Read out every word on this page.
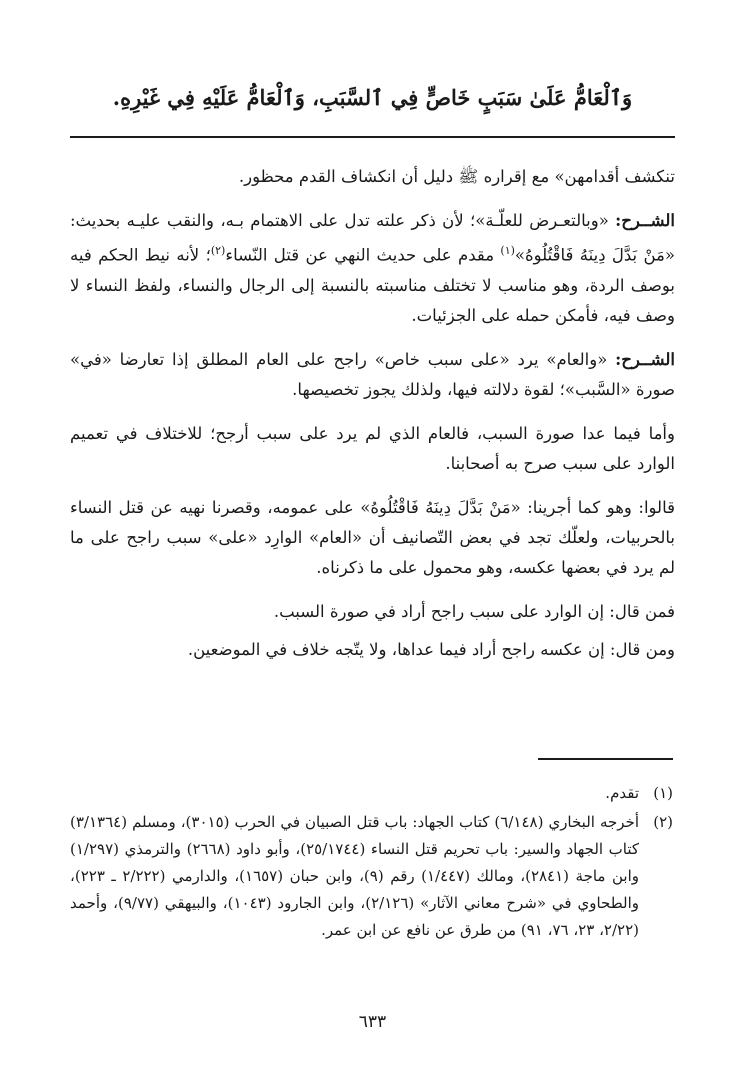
وَٱلْعَامُّ عَلَىٰ سَبَبٍ خَاصٍّ فِي ٱلسَّبَبِ، وَٱلْعَامُّ عَلَيْهِ فِي غَيْرِهِ.

تنكشف أقدامهن» مع إقراره ﷺ دليل أن انكشاف القدم محظور.

الشــرح: «وبالتعـرض للعلّـة»؛ لأن ذكر علته تدل على الاهتمام بـه، والنقب عليـه بحديث: «مَنْ بَدَّلَ دِينَهُ فَاقْتُلُوهُ»$^{(١)}$ مقدم على حديث النهي عن قتل النّساء$^{(٢)}$؛ لأنه نيط الحكم فيه بوصف الردة، وهو مناسب لا تختلف مناسبته بالنسبة إلى الرجال والنساء، ولفظ النساء لا وصف فيه، فأمكن حمله على الجزئيات.

الشــرح: «والعام» يرد «على سبب خاص» راجح على العام المطلق إذا تعارضا «في» صورة «السَّبب»؛ لقوة دلالته فيها، ولذلك يجوز تخصيصها.

وأما فيما عدا صورة السبب، فالعام الذي لم يرد على سبب أرجح؛ للاختلاف في تعميم الوارد على سبب صرح به أصحابنا.

قالوا: وهو كما أجرينا: «مَنْ بَدَّلَ دِينَهُ فَاقْتُلُوهُ» على عمومه، وقصرنا نهيه عن قتل النساء بالحربيات، ولعلّك تجد في بعض التّصانيف أن «العام» الوارِد «على» سبب راجح على ما لم يرد في بعضها عكسه، وهو محمول على ما ذكرناه.

فمن قال: إن الوارد على سبب راجح أراد في صورة السبب.

ومن قال: إن عكسه راجح أراد فيما عداها، ولا يتّجه خلاف في الموضعين.

(١)
تقدم.
(٢)
أخرجه البخاري (٦/١٤٨) كتاب الجهاد: باب قتل الصبيان في الحرب (٣٠١٥)، ومسلم (٣/١٣٦٤) كتاب الجهاد والسير: باب تحريم قتل النساء (٢٥/١٧٤٤)، وأبو داود (٢٦٦٨) والترمذي (١/٢٩٧) وابن ماجة (٢٨٤١)، ومالك (١/٤٤٧) رقم (٩)، وابن حبان (١٦٥٧)، والدارمي (٢/٢٢٢ ـ ٢٢٣)، والطحاوي في «شرح معاني الآثار» (٢/١٢٦)، وابن الجارود (١٠٤٣)، والبيهقي (٩/٧٧)، وأحمد (٢/٢٢، ٢٣، ٧٦، ٩١) من طرق عن نافع عن ابن عمر.
٦٣٣
